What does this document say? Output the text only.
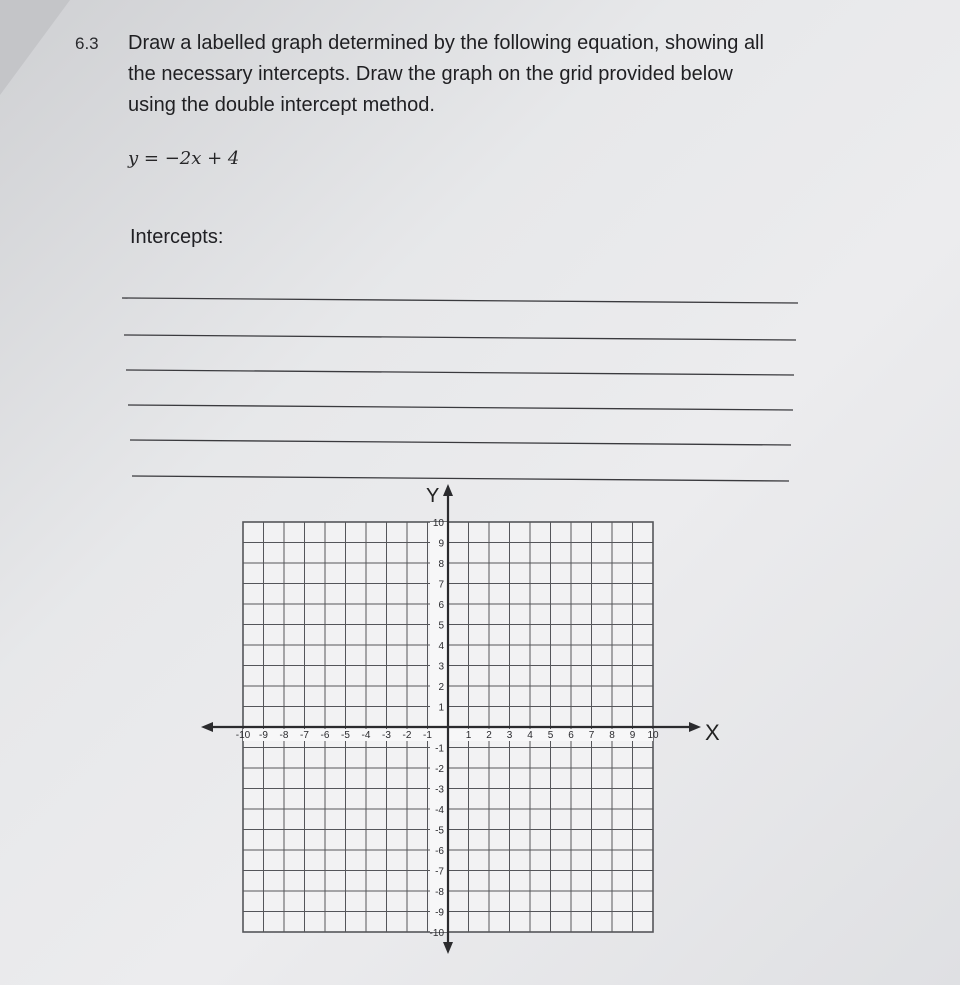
6.3 Draw a labelled graph determined by the following equation, showing all
the necessary intercepts. Draw the graph on the grid provided below
using the double intercept method.
y = −2x + 4
Intercepts:
X
Y
-10 -9 -8 -7 -6 -5 -4 -3 -2 -1	1 2 3 4 5 6 7 8 9 10
10
9
8
7
6
5
4
3
2
1
-1
-2
-3
-4
-5
-6
-7
-8
-9
-10
